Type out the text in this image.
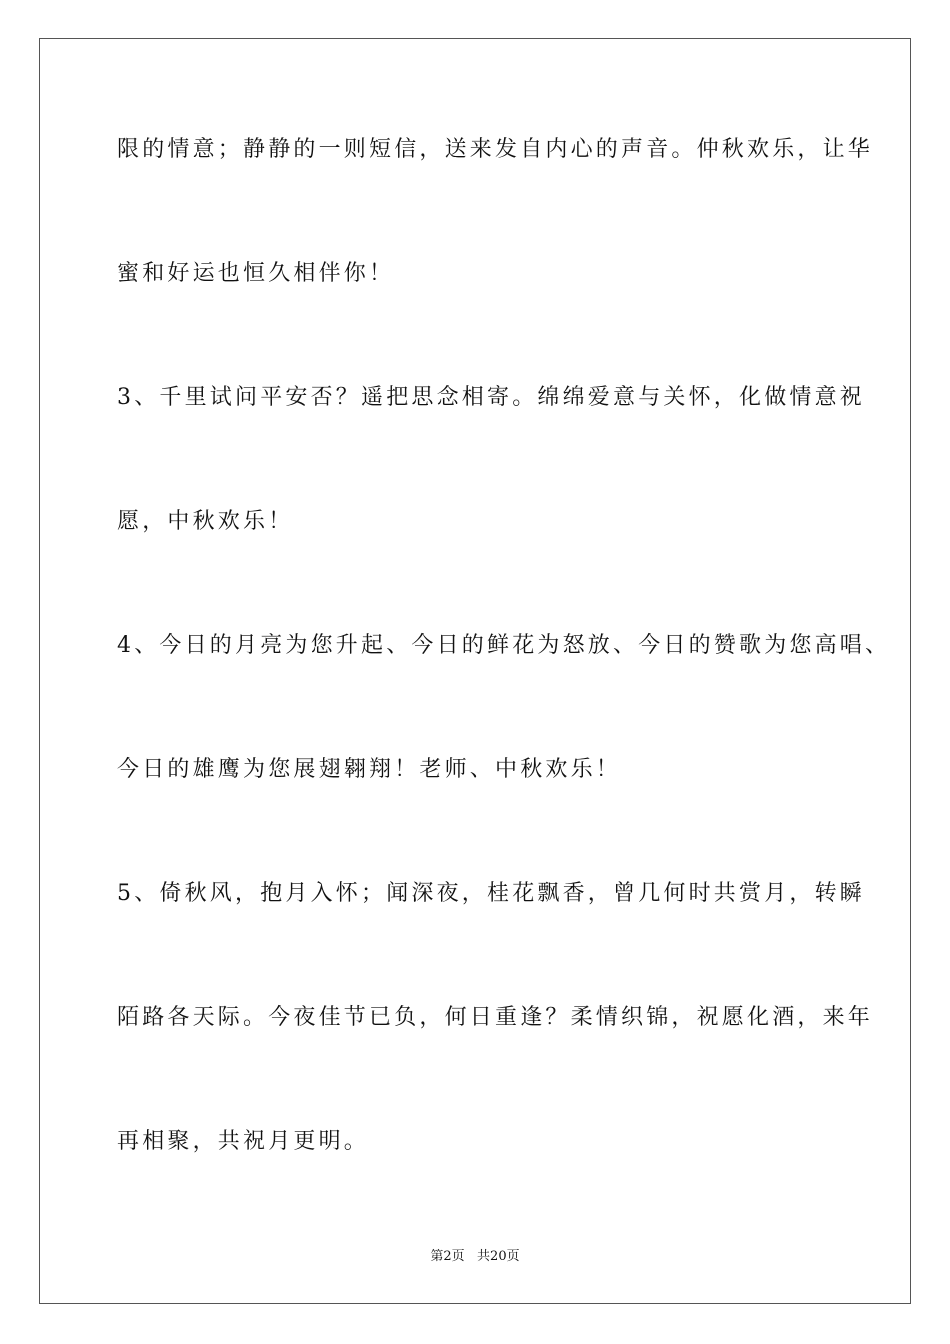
限的情意；静静的一则短信，送来发自内心的声音。仲秋欢乐，让华
蜜和好运也恒久相伴你！
3、千里试问平安否？遥把思念相寄。绵绵爱意与关怀，化做情意祝
愿，中秋欢乐！
4、今日的月亮为您升起、今日的鲜花为怒放、今日的赞歌为您高唱、
今日的雄鹰为您展翅翱翔！老师、中秋欢乐！
5、倚秋风，抱月入怀；闻深夜，桂花飘香，曾几何时共赏月，转瞬
陌路各天际。今夜佳节已负，何日重逢？柔情织锦，祝愿化酒，来年
再相聚，共祝月更明。
第2页   共20页
